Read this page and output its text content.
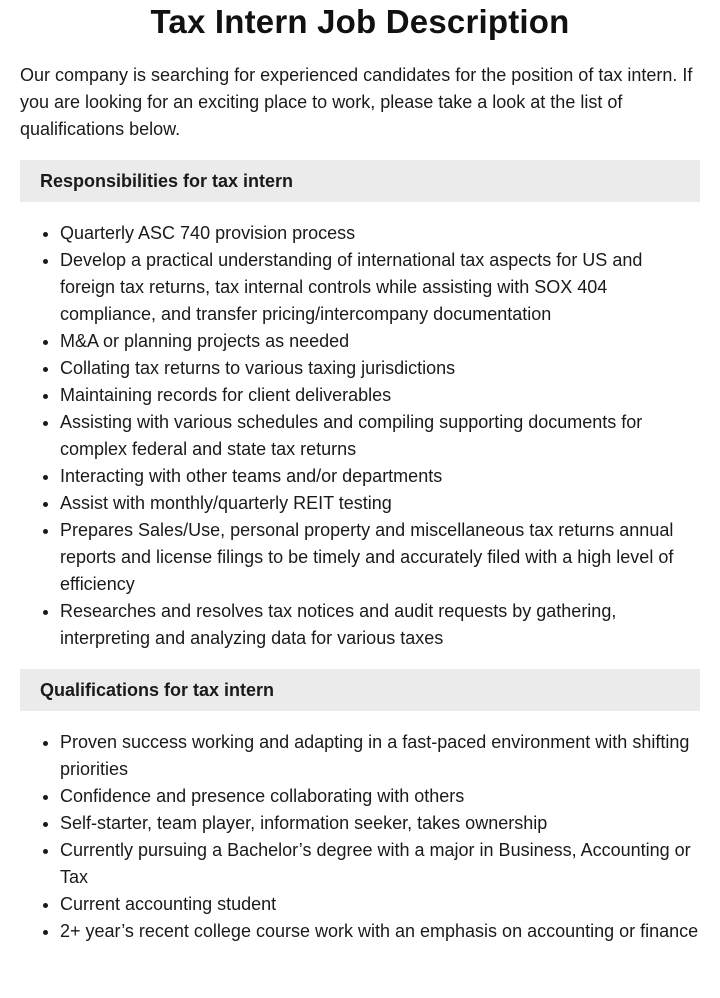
Tax Intern Job Description

Our company is searching for experienced candidates for the position of tax intern. If you are looking for an exciting place to work, please take a look at the list of qualifications below.

Responsibilities for tax intern
• Quarterly ASC 740 provision process
• Develop a practical understanding of international tax aspects for US and foreign tax returns, tax internal controls while assisting with SOX 404 compliance, and transfer pricing/intercompany documentation
• M&A or planning projects as needed
• Collating tax returns to various taxing jurisdictions
• Maintaining records for client deliverables
• Assisting with various schedules and compiling supporting documents for complex federal and state tax returns
• Interacting with other teams and/or departments
• Assist with monthly/quarterly REIT testing
• Prepares Sales/Use, personal property and miscellaneous tax returns annual reports and license filings to be timely and accurately filed with a high level of efficiency
• Researches and resolves tax notices and audit requests by gathering, interpreting and analyzing data for various taxes
Qualifications for tax intern
• Proven success working and adapting in a fast-paced environment with shifting priorities
• Confidence and presence collaborating with others
• Self-starter, team player, information seeker, takes ownership
• Currently pursuing a Bachelor’s degree with a major in Business, Accounting or Tax
• Current accounting student
• 2+ year’s recent college course work with an emphasis on accounting or finance
